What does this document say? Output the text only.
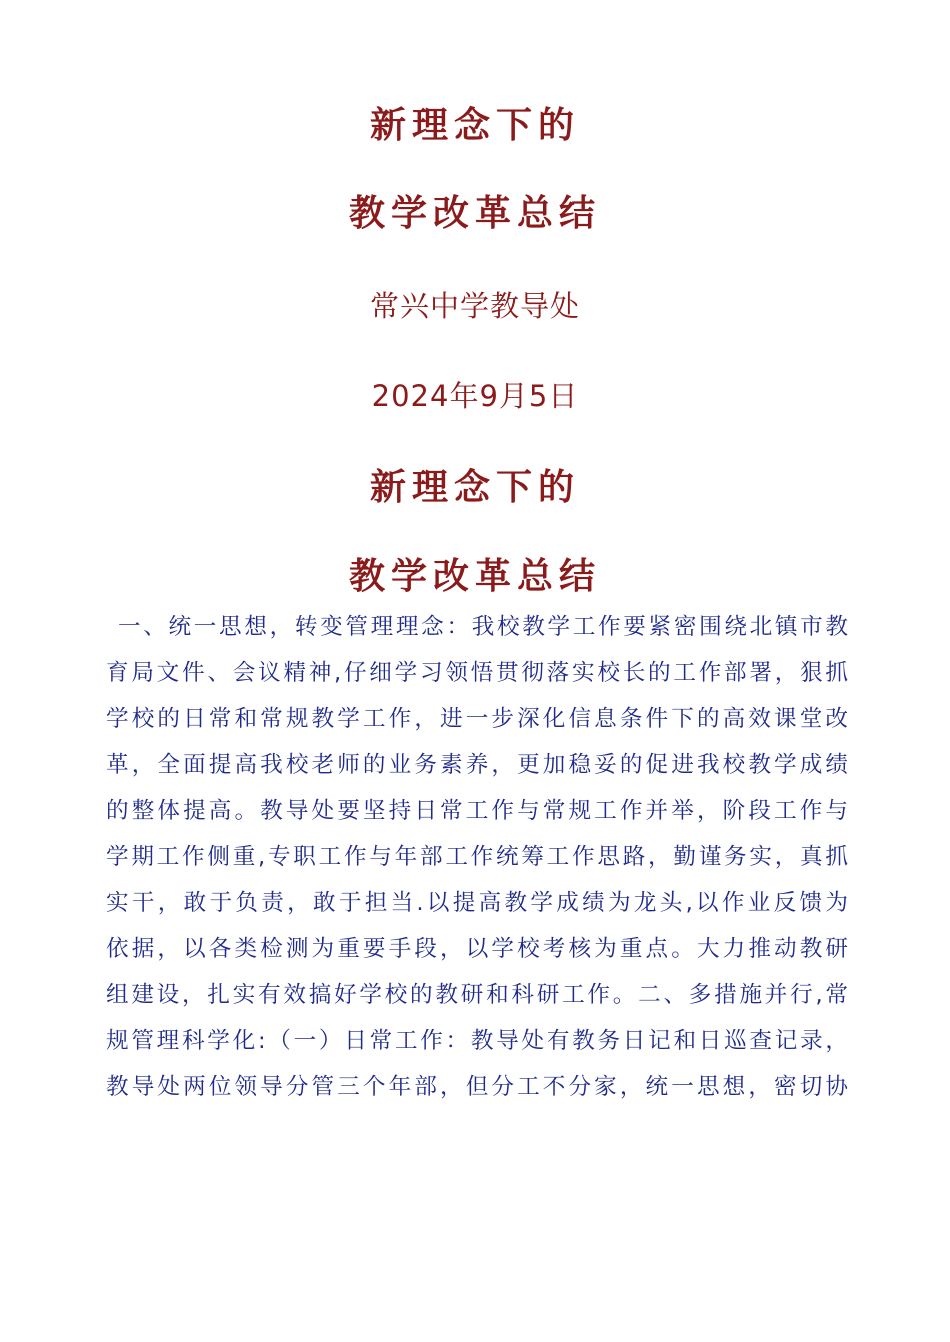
新理念下的
教学改革总结
常兴中学教导处
2024年9月5日
新理念下的
教学改革总结
一、统一思想，转变管理理念：我校教学工作要紧密围绕北镇市教
育局文件、会议精神,仔细学习领悟贯彻落实校长的工作部署，狠抓
学校的日常和常规教学工作，进一步深化信息条件下的高效课堂改
革，全面提高我校老师的业务素养，更加稳妥的促进我校教学成绩
的整体提高。教导处要坚持日常工作与常规工作并举，阶段工作与
学期工作侧重,专职工作与年部工作统筹工作思路，勤谨务实，真抓
实干，敢于负责，敢于担当.以提高教学成绩为龙头,以作业反馈为
依据，以各类检测为重要手段，以学校考核为重点。大力推动教研
组建设，扎实有效搞好学校的教研和科研工作。二、多措施并行,常
规管理科学化:（一）日常工作：教导处有教务日记和日巡查记录，
教导处两位领导分管三个年部，但分工不分家，统一思想，密切协
